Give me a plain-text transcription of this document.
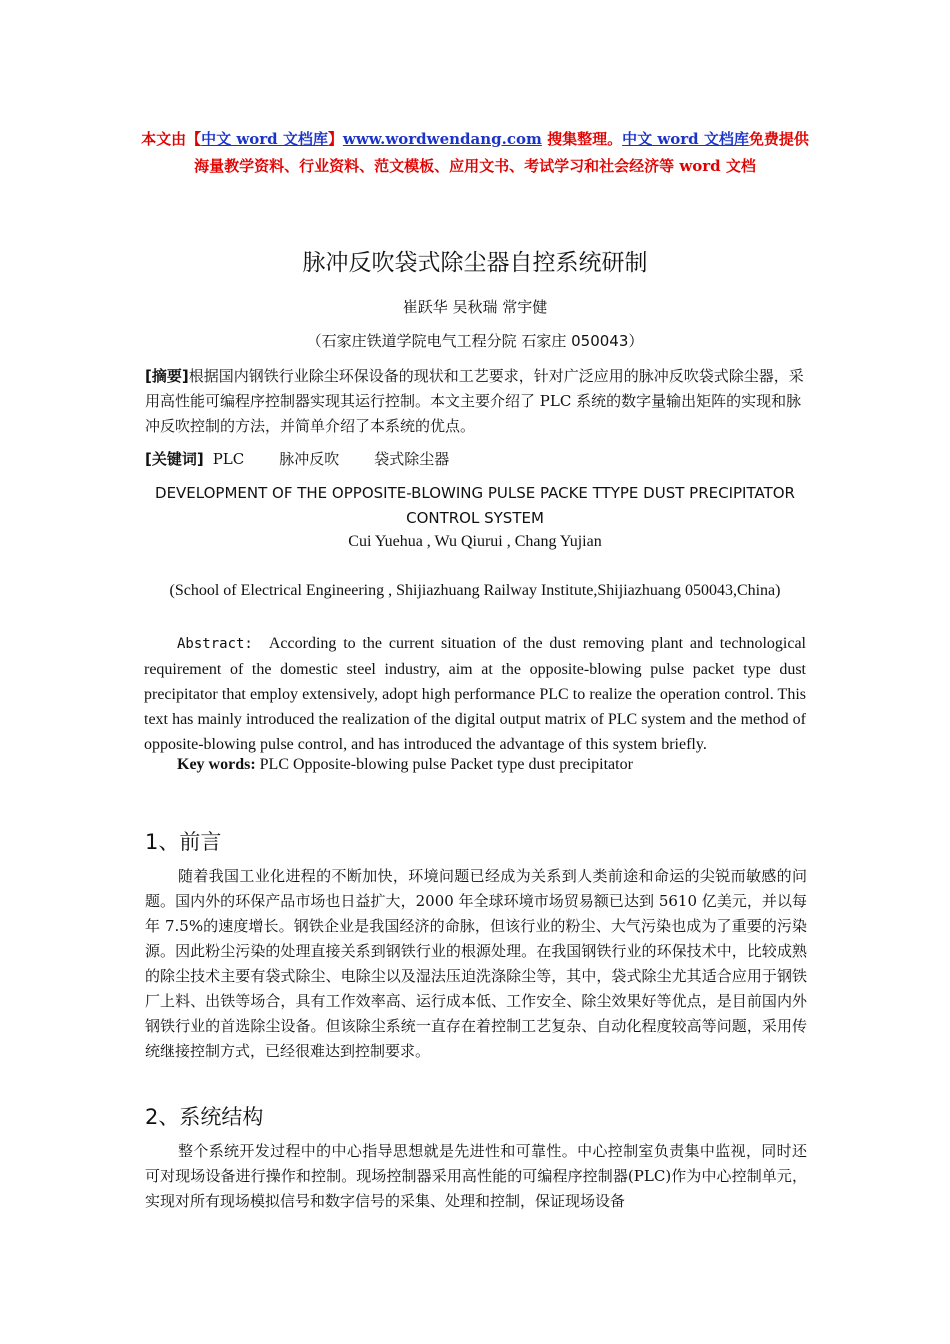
本文由【中文 word 文档库】www.wordwendang.com 搜集整理。中文 word 文档库免费提供海量教学资料、行业资料、范文模板、应用文书、考试学习和社会经济等 word 文档
脉冲反吹袋式除尘器自控系统研制
崔跃华 吴秋瑞 常宇健
（石家庄铁道学院电气工程分院 石家庄 050043）
[摘要]根据国内钢铁行业除尘环保设备的现状和工艺要求，针对广泛应用的脉冲反吹袋式除尘器，采用高性能可编程序控制器实现其运行控制。本文主要介绍了 PLC 系统的数字量输出矩阵的实现和脉冲反吹控制的方法，并简单介绍了本系统的优点。
[关键词] PLC 脉冲反吹 袋式除尘器
DEVELOPMENT OF THE OPPOSITE-BLOWING PULSE PACKE TTYPE DUST PRECIPITATOR CONTROL SYSTEM
Cui Yuehua , Wu Qiurui , Chang Yujian
(School of Electrical Engineering , Shijiazhuang Railway Institute,Shijiazhuang 050043,China)
Abstract: According to the current situation of the dust removing plant and technological requirement of the domestic steel industry, aim at the opposite-blowing pulse packet type dust precipitator that employ extensively, adopt high performance PLC to realize the operation control. This text has mainly introduced the realization of the digital output matrix of PLC system and the method of opposite-blowing pulse control, and has introduced the advantage of this system briefly.
Key words: PLC Opposite-blowing pulse Packet type dust precipitator
1、前言
随着我国工业化进程的不断加快，环境问题已经成为关系到人类前途和命运的尖锐而敏感的问题。国内外的环保产品市场也日益扩大，2000 年全球环境市场贸易额已达到 5610 亿美元，并以每年 7.5%的速度增长。钢铁企业是我国经济的命脉，但该行业的粉尘、大气污染也成为了重要的污染源。因此粉尘污染的处理直接关系到钢铁行业的根源处理。在我国钢铁行业的环保技术中，比较成熟的除尘技术主要有袋式除尘、电除尘以及湿法压迫洗涤除尘等，其中，袋式除尘尤其适合应用于钢铁厂上料、出铁等场合，具有工作效率高、运行成本低、工作安全、除尘效果好等优点，是目前国内外钢铁行业的首选除尘设备。但该除尘系统一直存在着控制工艺复杂、自动化程度较高等问题，采用传统继接控制方式，已经很难达到控制要求。
2、系统结构
整个系统开发过程中的中心指导思想就是先进性和可靠性。中心控制室负责集中监视，同时还可对现场设备进行操作和控制。现场控制器采用高性能的可编程序控制器(PLC)作为中心控制单元，实现对所有现场模拟信号和数字信号的采集、处理和控制，保证现场设备
